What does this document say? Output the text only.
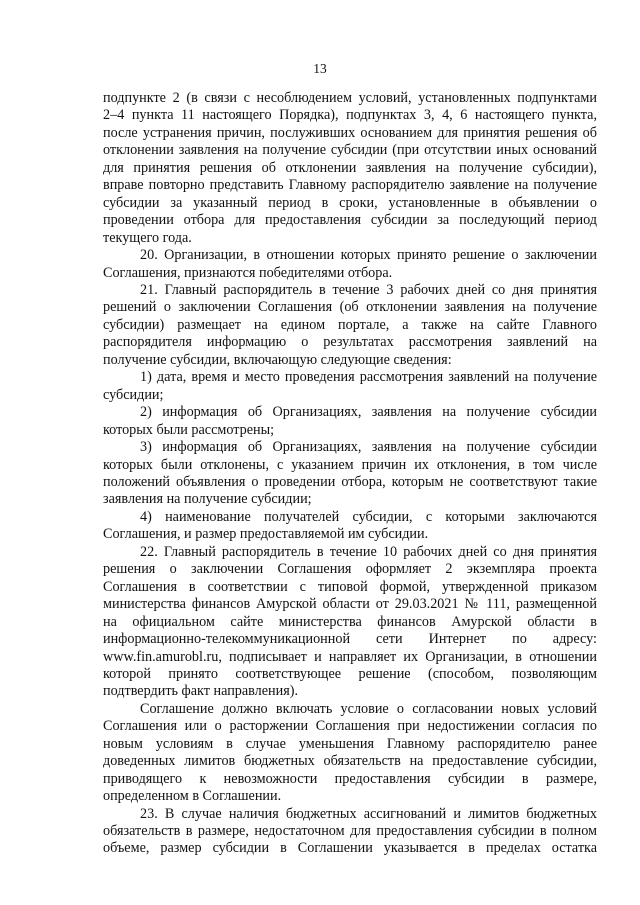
13
подпункте 2 (в связи с несоблюдением условий, установленных подпунктами
2–4 пункта 11 настоящего Порядка), подпунктах 3, 4, 6 настоящего пункта,
после устранения причин, послуживших основанием для принятия решения об
отклонении заявления на получение субсидии (при отсутствии иных оснований
для принятия решения об отклонении заявления на получение субсидии),
вправе повторно представить Главному распорядителю заявление на получение
субсидии за указанный период в сроки, установленные в объявлении о
проведении отбора для предоставления субсидии за последующий период
текущего года.
20. Организации, в отношении которых принято решение о заключении
Соглашения, признаются победителями отбора.
21. Главный распорядитель в течение 3 рабочих дней со дня принятия
решений о заключении Соглашения (об отклонении заявления на получение
субсидии) размещает на едином портале, а также на сайте Главного
распорядителя информацию о результатах рассмотрения заявлений на
получение субсидии, включающую следующие сведения:
1) дата, время и место проведения рассмотрения заявлений на получение
субсидии;
2) информация об Организациях, заявления на получение субсидии
которых были рассмотрены;
3) информация об Организациях, заявления на получение субсидии
которых были отклонены, с указанием причин их отклонения, в том числе
положений объявления о проведении отбора, которым не соответствуют такие
заявления на получение субсидии;
4) наименование получателей субсидии, с которыми заключаются
Соглашения, и размер предоставляемой им субсидии.
22. Главный распорядитель в течение 10 рабочих дней со дня принятия
решения о заключении Соглашения оформляет 2 экземпляра проекта
Соглашения в соответствии с типовой формой, утвержденной приказом
министерства финансов Амурской области от 29.03.2021 № 111, размещенной
на официальном сайте министерства финансов Амурской области в
информационно-телекоммуникационной сети Интернет по адресу:
www.fin.amurobl.ru, подписывает и направляет их Организации, в отношении
которой принято соответствующее решение (способом, позволяющим
подтвердить факт направления).
Соглашение должно включать условие о согласовании новых условий
Соглашения или о расторжении Соглашения при недостижении согласия по
новым условиям в случае уменьшения Главному распорядителю ранее
доведенных лимитов бюджетных обязательств на предоставление субсидии,
приводящего к невозможности предоставления субсидии в размере,
определенном в Соглашении.
23. В случае наличия бюджетных ассигнований и лимитов бюджетных
обязательств в размере, недостаточном для предоставления субсидии в полном
объеме, размер субсидии в Соглашении указывается в пределах остатка
